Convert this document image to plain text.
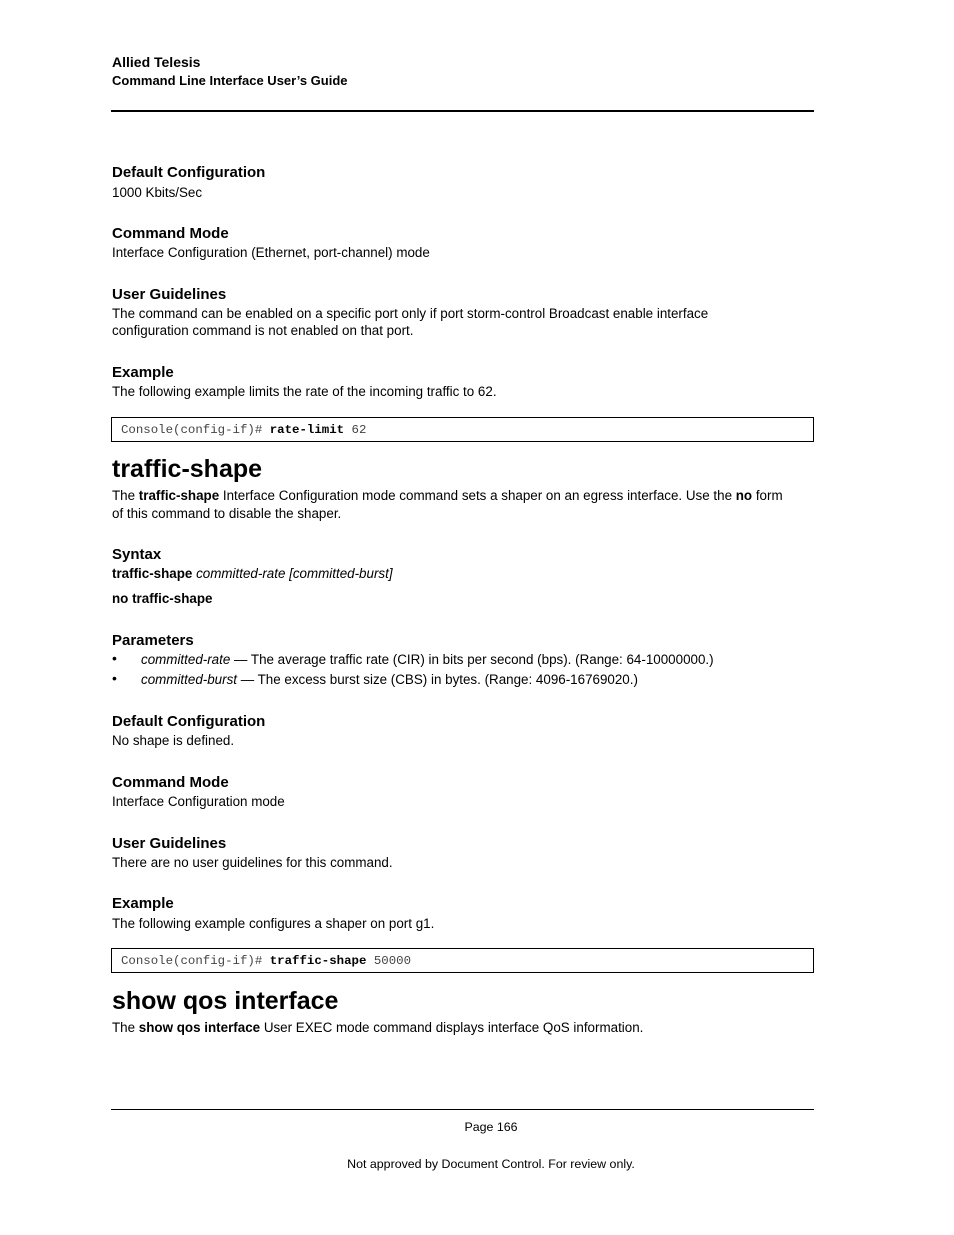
Allied Telesis
Command Line Interface User’s Guide
Default Configuration
1000 Kbits/Sec
Command Mode
Interface Configuration (Ethernet, port-channel) mode
User Guidelines
The command can be enabled on a specific port only if port storm-control Broadcast enable interface
configuration command is not enabled on that port.
Example
The following example limits the rate of the incoming traffic to 62.
Console(config-if)# rate-limit 62
traffic-shape
The traffic-shape Interface Configuration mode command sets a shaper on an egress interface. Use the no form
of this command to disable the shaper.
Syntax
traffic-shape committed-rate [committed-burst]
no traffic-shape
Parameters
• committed-rate — The average traffic rate (CIR) in bits per second (bps). (Range: 64-10000000.)
• committed-burst — The excess burst size (CBS) in bytes. (Range: 4096-16769020.)
Default Configuration
No shape is defined.
Command Mode
Interface Configuration mode
User Guidelines
There are no user guidelines for this command.
Example
The following example configures a shaper on port g1.
Console(config-if)# traffic-shape 50000
show qos interface
The show qos interface User EXEC mode command displays interface QoS information.
Page 166
Not approved by Document Control. For review only.
